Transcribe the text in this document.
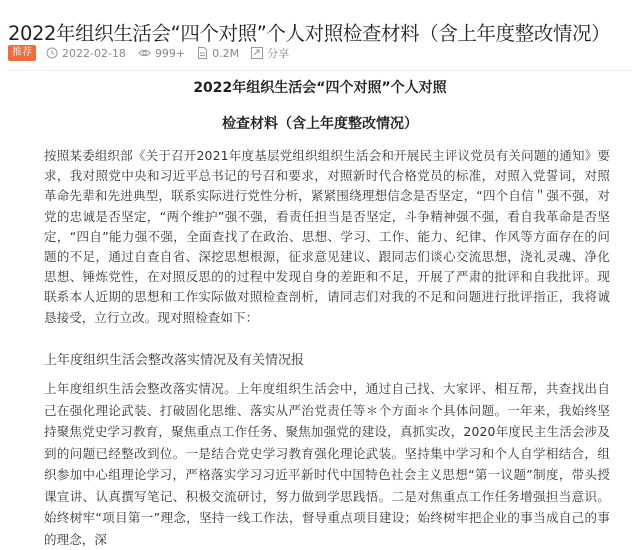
2022年组织生活会“四个对照”个人对照检查材料（含上年度整改情况）
推荐	2022-02-18	999+ 0.2M	分享
2022年组织生活会“四个对照”个人对照
检查材料（含上年度整改情况）

按照某委组织部《关于召开2021年度基层党组织组织生活会和开展民主评议党员有关问题的通知》要求，我对照党中央和习近平总书记的号召和要求，对照新时代合格党员的标准，对照入党誓词，对照革命先辈和先进典型，联系实际进行党性分析，紧紧围绕理想信念是否坚定，“四个自信＂强不强，对党的忠诚是否坚定，“两个维护”强不强，看责任担当是否坚定，斗争精神强不强，看自我革命是否坚定，“四自”能力强不强，全面查找了在政治、思想、学习、工作、能力、纪律、作风等方面存在的问题的不足，通过自查自省、深挖思想根源，征求意见建议、跟同志们谈心交流思想，浇礼灵魂、净化思想、锤炼党性，在对照反思的的过程中发现自身的差距和不足，开展了严肃的批评和自我批评。现联系本人近期的思想和工作实际做对照检查剖析，请同志们对我的不足和问题进行批评指正，我将诚恳接受，立行立改。现对照检查如下：

上年度组织生活会整改落实情况及有关情况报

上年度组织生活会整改落实情况。上年度组织生活会中，通过自己找、大家评、相互帮，共查找出自己在强化理论武装、打破固化思维、落实从严治党责任等＊个方面＊个具体问题。一年来，我始终坚持聚焦党史学习教育，聚焦重点工作任务、聚焦加强党的建设，真抓实改，2020年度民主生活会涉及到的问题已经整改到位。一是结合党史学习教育强化理论武装。坚持集中学习和个人自学相结合，组织参加中心组理论学习，严格落实学习习近平新时代中国特色社会主义思想“第一议题”制度，带头授课宣讲、认真撰写笔记、积极交流研讨，努力做到学思践悟。二是对焦重点工作任务增强担当意识。始终树牢“项目第一”理念，坚持一线工作法，督导重点项目建设；始终树牢把企业的事当成自己的事的理念，深
